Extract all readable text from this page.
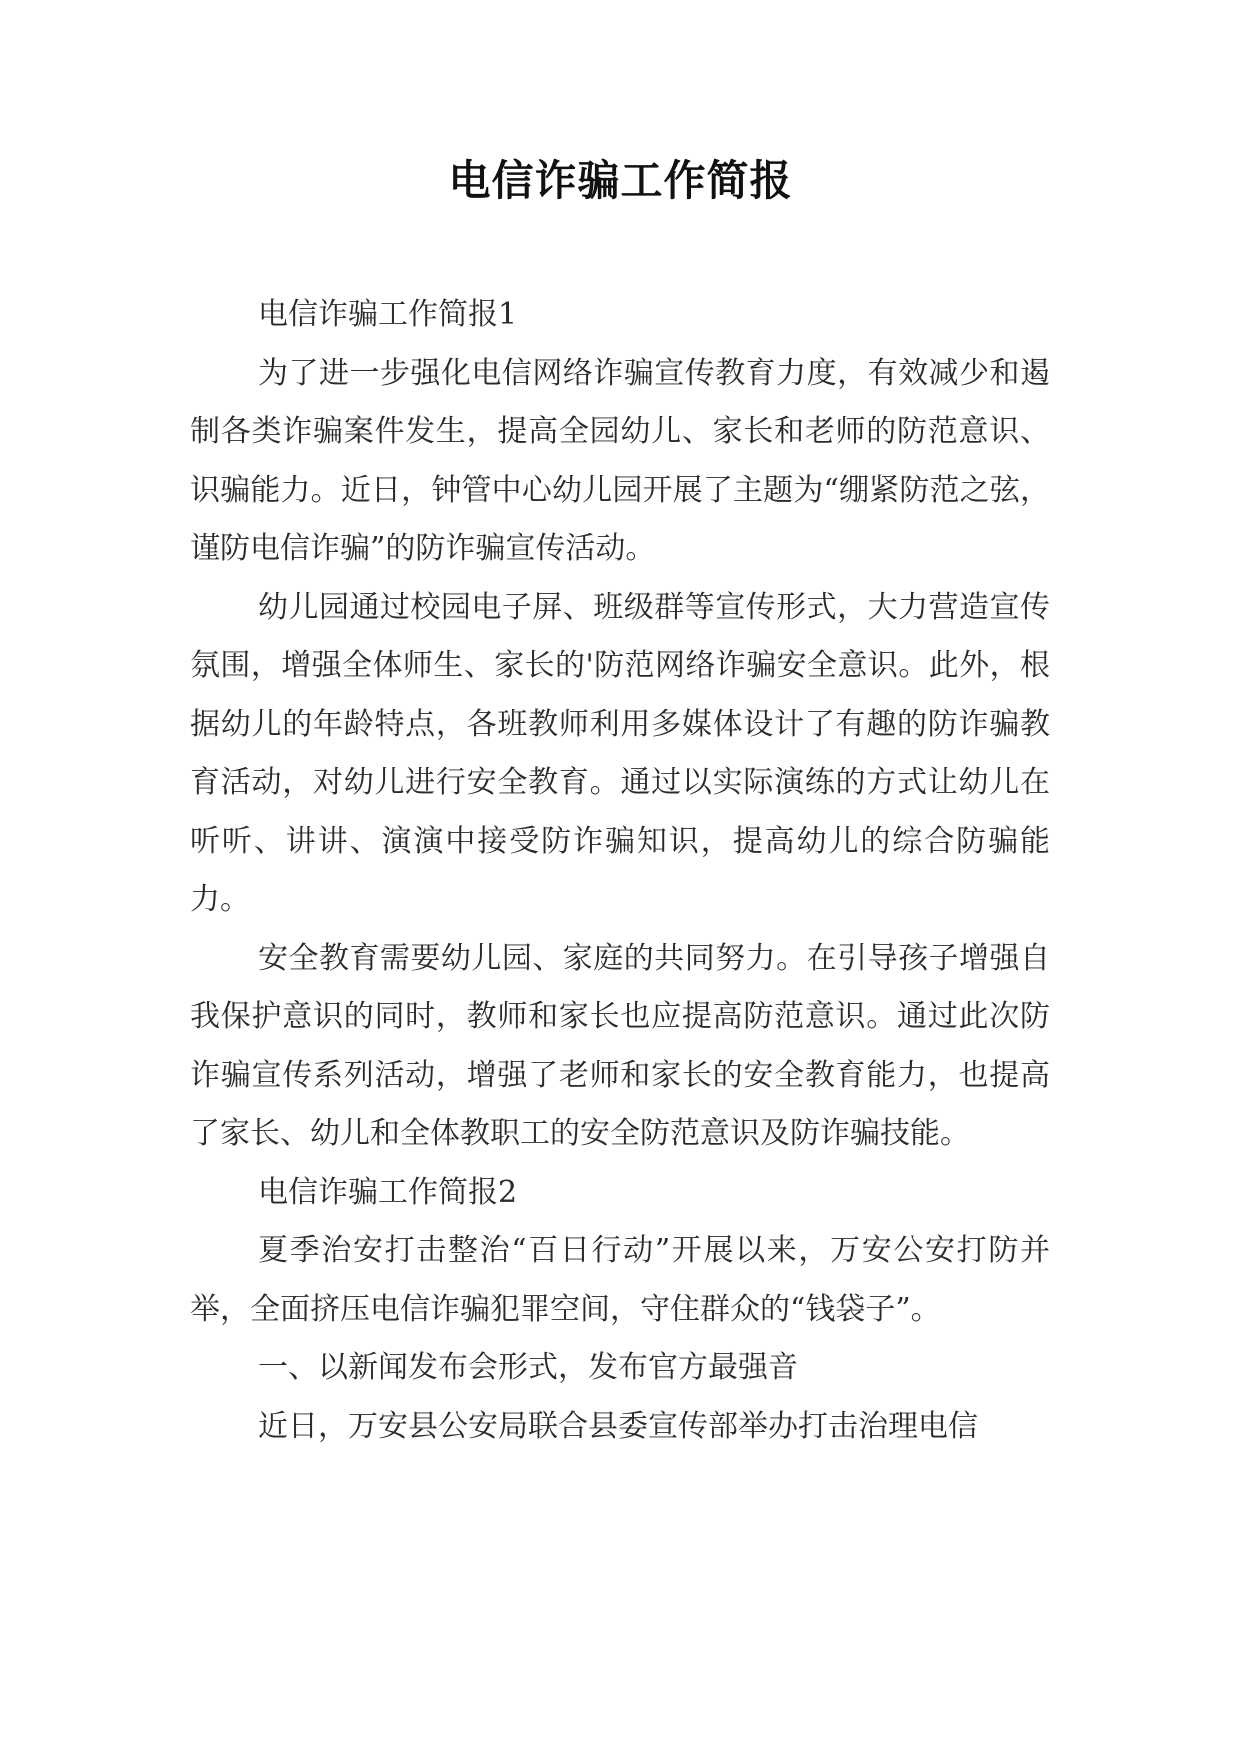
电信诈骗工作简报

电信诈骗工作简报1

为了进一步强化电信网络诈骗宣传教育力度，有效减少和遏制各类诈骗案件发生，提高全园幼儿、家长和老师的防范意识、识骗能力。近日，钟管中心幼儿园开展了主题为“绷紧防范之弦，谨防电信诈骗”的防诈骗宣传活动。

幼儿园通过校园电子屏、班级群等宣传形式，大力营造宣传氛围，增强全体师生、家长的'防范网络诈骗安全意识。此外，根据幼儿的年龄特点，各班教师利用多媒体设计了有趣的防诈骗教育活动，对幼儿进行安全教育。通过以实际演练的方式让幼儿在听听、讲讲、演演中接受防诈骗知识，提高幼儿的综合防骗能力。

安全教育需要幼儿园、家庭的共同努力。在引导孩子增强自我保护意识的同时，教师和家长也应提高防范意识。通过此次防诈骗宣传系列活动，增强了老师和家长的安全教育能力，也提高了家长、幼儿和全体教职工的安全防范意识及防诈骗技能。

电信诈骗工作简报2

夏季治安打击整治“百日行动”开展以来，万安公安打防并举，全面挤压电信诈骗犯罪空间，守住群众的“钱袋子”。

一、以新闻发布会形式，发布官方最强音

近日，万安县公安局联合县委宣传部举办打击治理电信
